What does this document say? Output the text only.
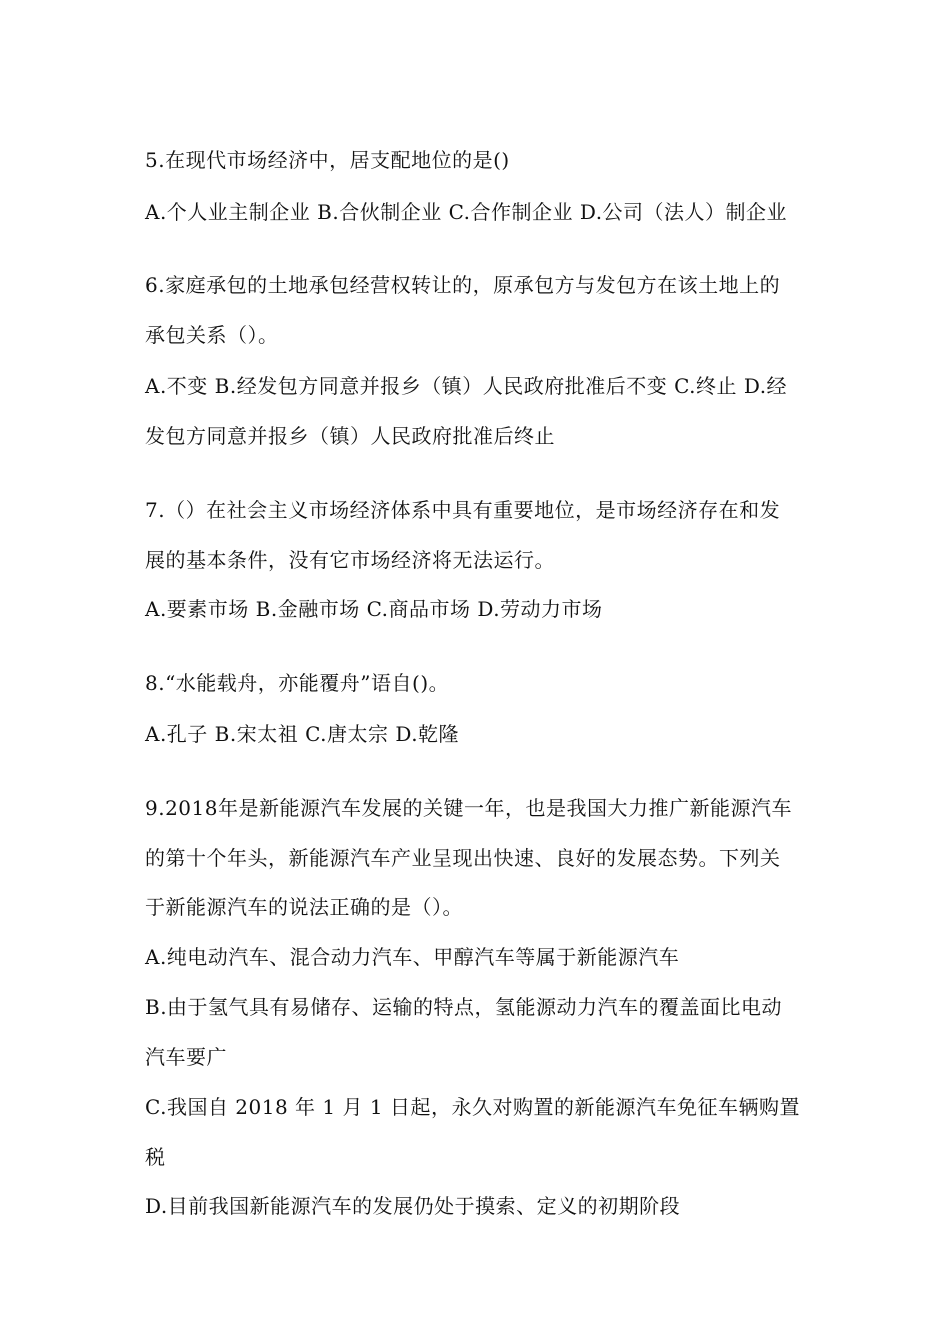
5.在现代市场经济中，居支配地位的是()
A.个人业主制企业 B.合伙制企业 C.合作制企业 D.公司（法人）制企业
6.家庭承包的土地承包经营权转让的，原承包方与发包方在该土地上的
承包关系（）。
A.不变 B.经发包方同意并报乡（镇）人民政府批准后不变 C.终止 D.经
发包方同意并报乡（镇）人民政府批准后终止
7.（）在社会主义市场经济体系中具有重要地位，是市场经济存在和发
展的基本条件，没有它市场经济将无法运行。
A.要素市场 B.金融市场 C.商品市场 D.劳动力市场
8.“水能载舟，亦能覆舟”语自()。
A.孔子 B.宋太祖 C.唐太宗 D.乾隆
9.2018年是新能源汽车发展的关键一年，也是我国大力推广新能源汽车
的第十个年头，新能源汽车产业呈现出快速、良好的发展态势。下列关
于新能源汽车的说法正确的是（）。
A.纯电动汽车、混合动力汽车、甲醇汽车等属于新能源汽车
B.由于氢气具有易储存、运输的特点，氢能源动力汽车的覆盖面比电动
汽车要广
C.我国自 2018 年 1 月 1 日起，永久对购置的新能源汽车免征车辆购置
税
D.目前我国新能源汽车的发展仍处于摸索、定义的初期阶段
